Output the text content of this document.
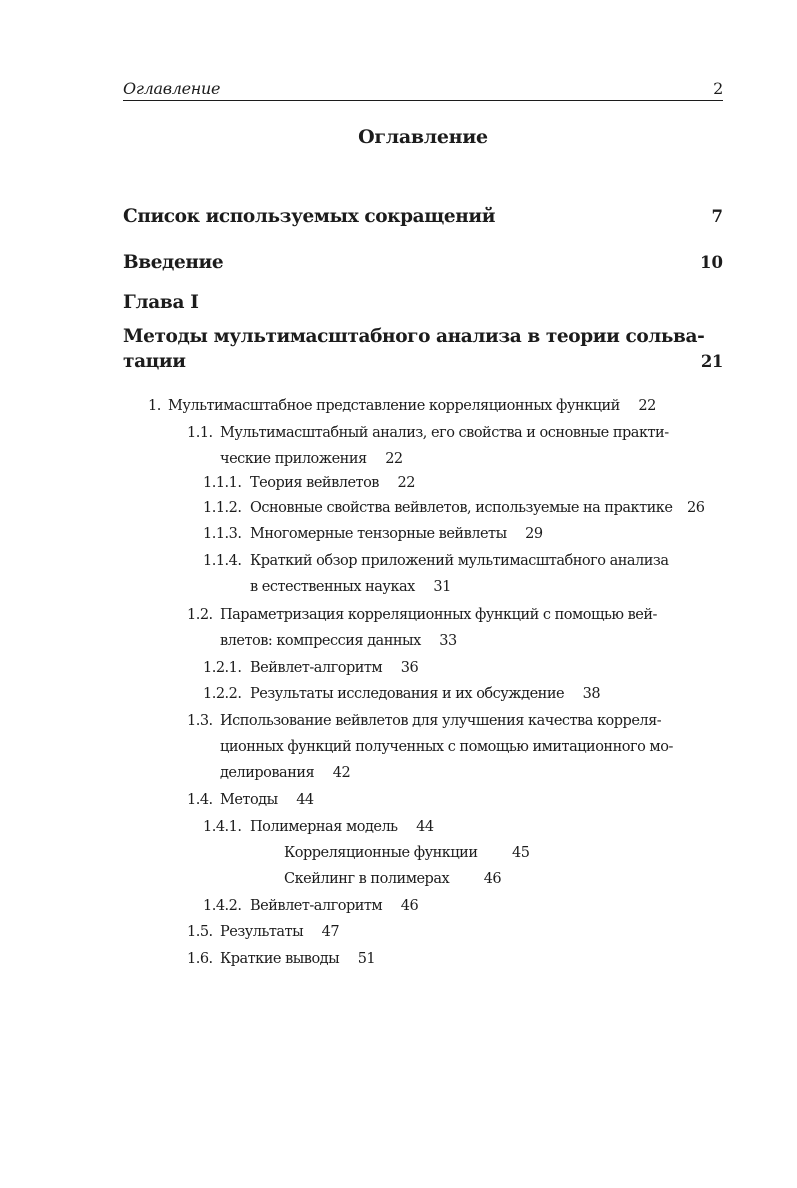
Оглавление	2
Оглавление
Список используемых сокращений	7
Введение	10
Глава I
Методы мультимасштабного анализа в теории сольва-
тации	21
1. Мультимасштабное представление корреляционных функций	22
1.1. Мультимасштабный анализ, его свойства и основные практи-
ческие приложения	22
1.1.1. Теория вейвлетов	22
1.1.2. Основные свойства вейвлетов, используемые на практике	26
1.1.3. Многомерные тензорные вейвлеты	29
1.1.4. Краткий обзор приложений мультимасштабного анализа
в естественных науках	31
1.2. Параметризация корреляционных функций с помощью вей-
влетов: компрессия данных	33
1.2.1. Вейвлет-алгоритм	36
1.2.2. Результаты исследования и их обсуждение	38
1.3. Использование вейвлетов для улучшения качества корреля-
ционных функций полученных с помощью имитационного мо-
делирования	42
1.4. Методы	44
1.4.1. Полимерная модель	44
Корреляционные функции	45
Скейлинг в полимерах	46
1.4.2. Вейвлет-алгоритм	46
1.5. Результаты	47
1.6. Краткие выводы	51
